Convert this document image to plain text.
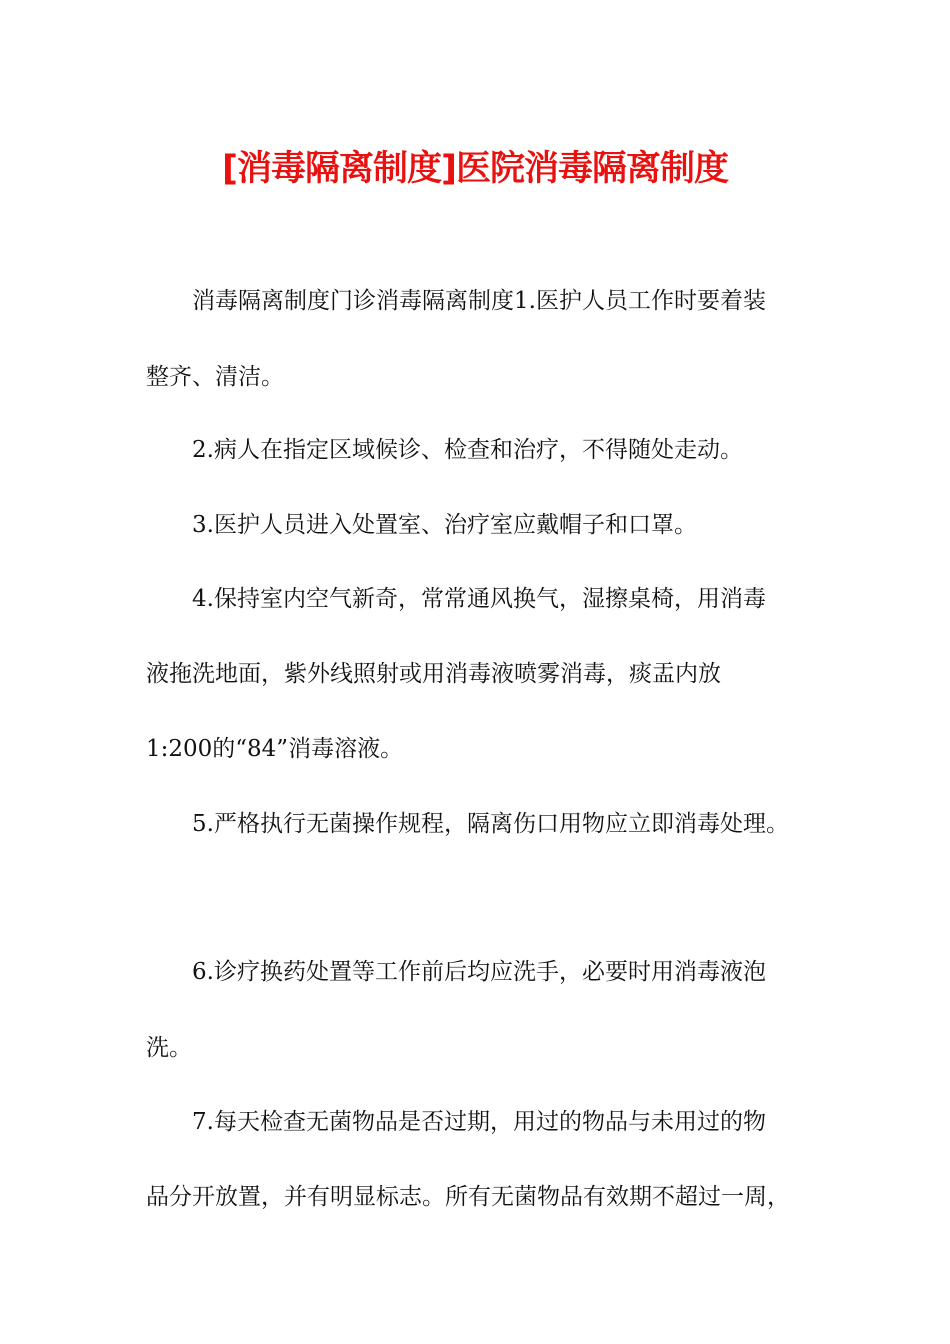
[消毒隔离制度]医院消毒隔离制度

消毒隔离制度门诊消毒隔离制度1.医护人员工作时要着装

整齐、清洁。

2.病人在指定区域候诊、检查和治疗，不得随处走动。

3.医护人员进入处置室、治疗室应戴帽子和口罩。

4.保持室内空气新奇，常常通风换气，湿擦桌椅，用消毒

液拖洗地面，紫外线照射或用消毒液喷雾消毒，痰盂内放

1:200的“84”消毒溶液。

5.严格执行无菌操作规程，隔离伤口用物应立即消毒处理。

6.诊疗换药处置等工作前后均应洗手，必要时用消毒液泡

洗。

7.每天检查无菌物品是否过期，用过的物品与未用过的物

品分开放置，并有明显标志。所有无菌物品有效期不超过一周，
